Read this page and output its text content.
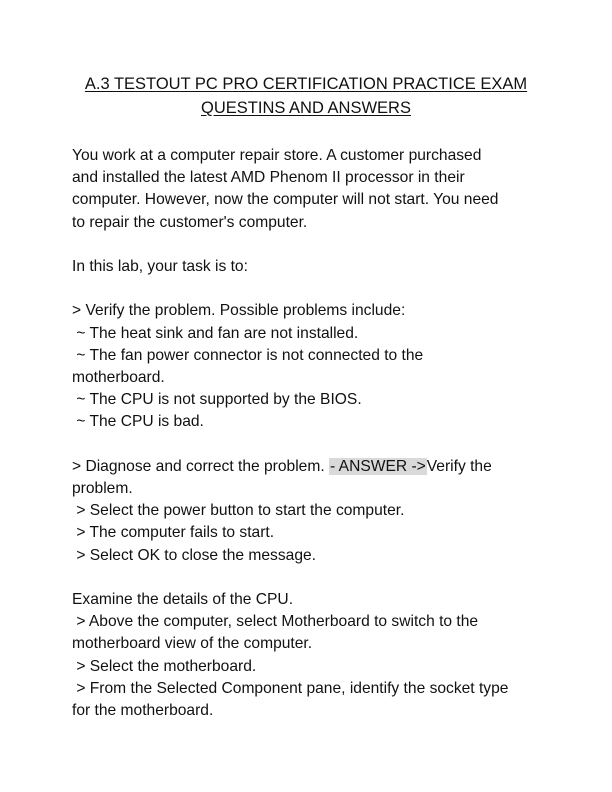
A.3 TESTOUT PC PRO CERTIFICATION PRACTICE EXAM
QUESTINS AND ANSWERS

You work at a computer repair store. A customer purchased

and installed the latest AMD Phenom II processor in their

computer. However, now the computer will not start. You need

to repair the customer's computer.

In this lab, your task is to:

> Verify the problem. Possible problems include:

~ The heat sink and fan are not installed.

~ The fan power connector is not connected to the

motherboard.

~ The CPU is not supported by the BIOS.

~ The CPU is bad.

> Diagnose and correct the problem. - ANSWER ->Verify the

problem.

> Select the power button to start the computer.

> The computer fails to start.

> Select OK to close the message.

Examine the details of the CPU.

> Above the computer, select Motherboard to switch to the

motherboard view of the computer.

> Select the motherboard.

> From the Selected Component pane, identify the socket type

for the motherboard.
